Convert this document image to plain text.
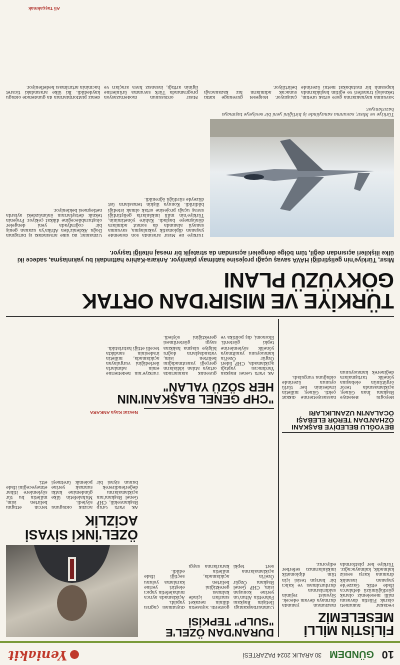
10
GÜNDEM
30 ARALIK 2024 PAZARTESİ
Yeniakit
FİLİSTİN MİLLİ MESELEMİZ

Fedakâr hükümeti olarak Filistin davasını milli meselemiz olarak gördüğümüzü defalarca ifade ettik. Gazze'de yaşanan insanlık dramına karşı sessiz kalmadık, kalmayacağız. Türkiye her platformda mazlumun yanında durmaya devam edecek. Siyonist rejimin saldırılarının durdurulması ve kalıcı bir barışın tesisi için tüm diplomatik imkânlarımızı seferber ediyoruz.

BEYOĞLU BELEDİYE BAŞKANI ÖZHAN'DAN TERÖR ELEBAŞI ÖCALAN'IN UZANLIKLARI

Beyoğlu Belediye Başkanı İnan Güney, açıklamasında terör örgütünün elebaşına yönelik tartışmalara değinerek kamuoyunun hassasiyetlerine dikkat çekti. Güney, milletin iradesinin her türlü oyunun üzerinde olduğunu vurguladı.

DURAN'DAN ÖZEL'E "SULP" TEPKİSİ

Cumhurbaşkanlığı İletişim Başkanı Fahrettin Altun'un yerine konuşan isim, CHP Genel Başkanı Özgür Özel'in açıklamalarına sert tepki gösterdi. Siyasetin dilinin nezaket sınırları içinde kalması gerektiğini belirten açıklamada, milletin kararlarına saygı duyulması çağrısı yapıldı. Açıklamada ayrıca muhalefetin yapıcı eleştiri yerine karalama yolunu seçtiği ifade edildi.

"CHP GENEL BAŞKANI'NIN HER SÖZÜ YALAN"

AK Parti Genel Başkan Yardımcısı yaptığı açıklamada, CHP lideri Özgür Özel'in kamuoyunu yanıltmaya yönelik söylemlerine tepki gösterdi. Ekonomi, dış politika ve güvenlik alanlarında ortaya atılan iddiaların gerçeği yansıtmadığını belirten isim, vatandaşların doğru bilgiye ulaşma hakkına saygı gösterilmesi gerektiğini söyledi. Türkiye'nin hedeflerine emin adımlarla ilerlediğini vurgulayan açıklamada, milletin iradesinin sandıkta tecelli ettiği hatırlatıldı.

ÖZEL'İNKİ SİYASİ ACİZLİK

AK Parti Grup Başkanvekili, CHP Genel Başkanı'nın açıklamalarını değerlendirerek bunun siyasi bir acizlik olduğunu söyledi. Muhalefetin ülke gündemine katkı sunmak yerine polemik üretmeyi tercih ettiğini belirten isim, milletin bu tür söylemlere itibar etmeyeceğini ifade etti.

Nevzat Kaya ANKARA
TÜRKİYE VE MISIR'DAN ORTAK GÖKYÜZÜ PLANI
Mısır, Türkiye'nin geliştirdiği HAVA savaş uçağı projesine katılmayı planlıyor. Ankara-Kahire hattındaki bu yakınlaşma, sadece iki ülke ilişkileri açısından değil, tüm bölge dengeleri açısından da stratejik bir mesaj niteliği taşıyor.
Türkiye ve Mısır, savunma sanayiinde iş birliğini yeni bir seviyeye taşımaya hazırlanıyor.

Türkiye ile Mısır arasında son dönemde yaşanan diplomatik yakınlaşma, savunma sanayii alanında da somut adımlara dönüşmeye başladı. Kahire yönetiminin, Türkiye'nin milli imkânlarla geliştirdiği savaş uçağı projesine ortak olmak istediği bildirildi. Konuya ilişkin temasların üst düzeyde sürdüğü öğrenildi.

Uzmanlar, iki ülke arasındaki iş birliğinin Doğu Akdeniz'den Afrika'ya uzanan geniş bir coğrafyada yeni dengeler oluşturabileceğine dikkat çekiyor. Projenin teknik detaylarının önümüzdeki aylarda netleşmesi bekleniyor.

Savunma kaynaklarına göre ortak üretim, teknoloji transferi ve eğitim başlıklarında kapsamlı bir mutabakat metni üzerinde çalışılıyor. Bölgesel güvenliğe katkı sunacak adımların hız kazanacağı belirtiliyor.

Mısır ordusunun modernizasyon programında Türk savunma ürünlerine ilginin arttığı, insansız hava araçları ve deniz platformlarının da gündemde olduğu kaydedildi. İki ülke arasındaki ticaret hacminin artırılması hedefleniyor.

Ali Taşçakmak
